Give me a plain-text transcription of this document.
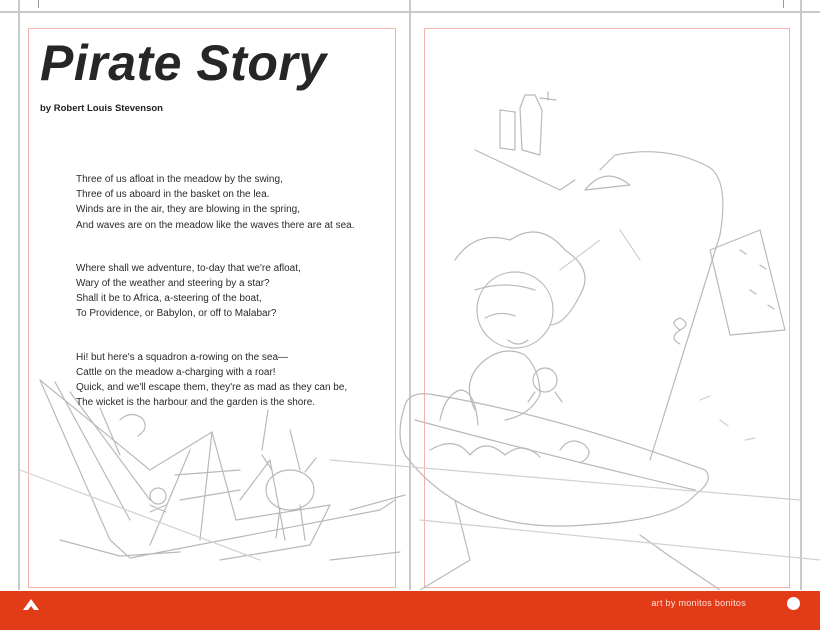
Pirate Story
by Robert Louis Stevenson
Three of us afloat in the meadow by the swing,
Three of us aboard in the basket on the lea.
Winds are in the air, they are blowing in the spring,
And waves are on the meadow like the waves there are at sea.
Where shall we adventure, to-day that we're afloat,
Wary of the weather and steering by a star?
Shall it be to Africa, a-steering of the boat,
To Providence, or Babylon, or off to Malabar?
Hi! but here's a squadron a-rowing on the sea—
Cattle on the meadow a-charging with a roar!
Quick, and we'll escape them, they're as mad as they can be,
The wicket is the harbour and the garden is the shore.
art by monitos bonitos
